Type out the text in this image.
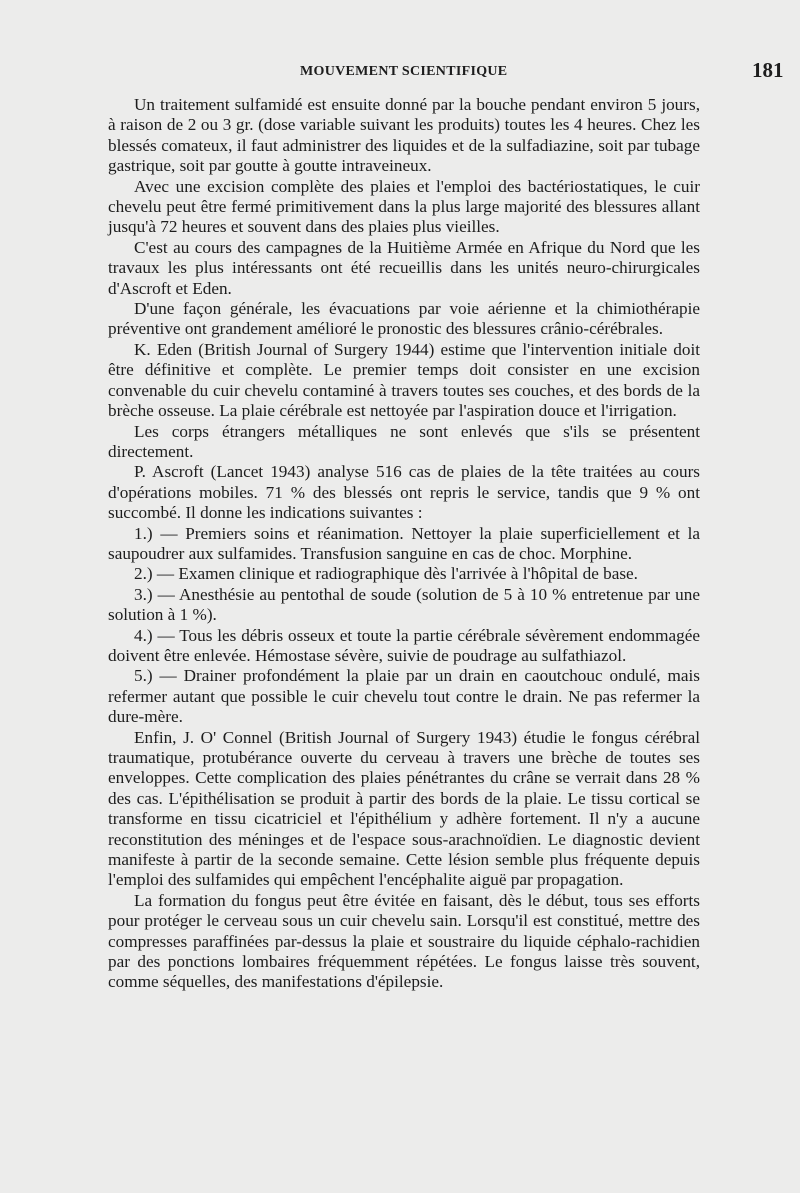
MOUVEMENT SCIENTIFIQUE	181

Un traitement sulfamidé est ensuite donné par la bouche pendant environ 5 jours, à raison de 2 ou 3 gr. (dose variable suivant les produits) toutes les 4 heures. Chez les blessés comateux, il faut administrer des liquides et de la sulfadiazine, soit par tubage gastrique, soit par goutte à goutte intraveineux.

Avec une excision complète des plaies et l'emploi des bactériostatiques, le cuir chevelu peut être fermé primitivement dans la plus large majorité des blessures allant jusqu'à 72 heures et souvent dans des plaies plus vieilles.

C'est au cours des campagnes de la Huitième Armée en Afrique du Nord que les travaux les plus intéressants ont été recueillis dans les unités neuro-chirurgicales d'Ascroft et Eden.

D'une façon générale, les évacuations par voie aérienne et la chimiothérapie préventive ont grandement amélioré le pronostic des blessures crânio-cérébrales.

K. Eden (British Journal of Surgery 1944) estime que l'intervention initiale doit être définitive et complète. Le premier temps doit consister en une excision convenable du cuir chevelu contaminé à travers toutes ses couches, et des bords de la brèche osseuse. La plaie cérébrale est nettoyée par l'aspiration douce et l'irrigation.

Les corps étrangers métalliques ne sont enlevés que s'ils se présentent directement.

P. Ascroft (Lancet 1943) analyse 516 cas de plaies de la tête traitées au cours d'opérations mobiles. 71 % des blessés ont repris le service, tandis que 9 % ont succombé. Il donne les indications suivantes :

1.) — Premiers soins et réanimation. Nettoyer la plaie superficiellement et la saupoudrer aux sulfamides. Transfusion sanguine en cas de choc. Morphine.

2.) — Examen clinique et radiographique dès l'arrivée à l'hôpital de base.

3.) — Anesthésie au pentothal de soude (solution de 5 à 10 % entretenue par une solution à 1 %).

4.) — Tous les débris osseux et toute la partie cérébrale sévèrement endommagée doivent être enlevée. Hémostase sévère, suivie de poudrage au sulfathiazol.

5.) — Drainer profondément la plaie par un drain en caoutchouc ondulé, mais refermer autant que possible le cuir chevelu tout contre le drain. Ne pas refermer la dure-mère.

Enfin, J. O' Connel (British Journal of Surgery 1943) étudie le fongus cérébral traumatique, protubérance ouverte du cerveau à travers une brèche de toutes ses enveloppes. Cette complication des plaies pénétrantes du crâne se verrait dans 28 % des cas. L'épithélisation se produit à partir des bords de la plaie. Le tissu cortical se transforme en tissu cicatriciel et l'épithélium y adhère fortement. Il n'y a aucune reconstitution des méninges et de l'espace sous-arachnoïdien. Le diagnostic devient manifeste à partir de la seconde semaine. Cette lésion semble plus fréquente depuis l'emploi des sulfamides qui empêchent l'encéphalite aiguë par propagation.

La formation du fongus peut être évitée en faisant, dès le début, tous ses efforts pour protéger le cerveau sous un cuir chevelu sain. Lorsqu'il est constitué, mettre des compresses paraffinées par-dessus la plaie et soustraire du liquide céphalo-rachidien par des ponctions lombaires fréquemment répétées. Le fongus laisse très souvent, comme séquelles, des manifestations d'épilepsie.
